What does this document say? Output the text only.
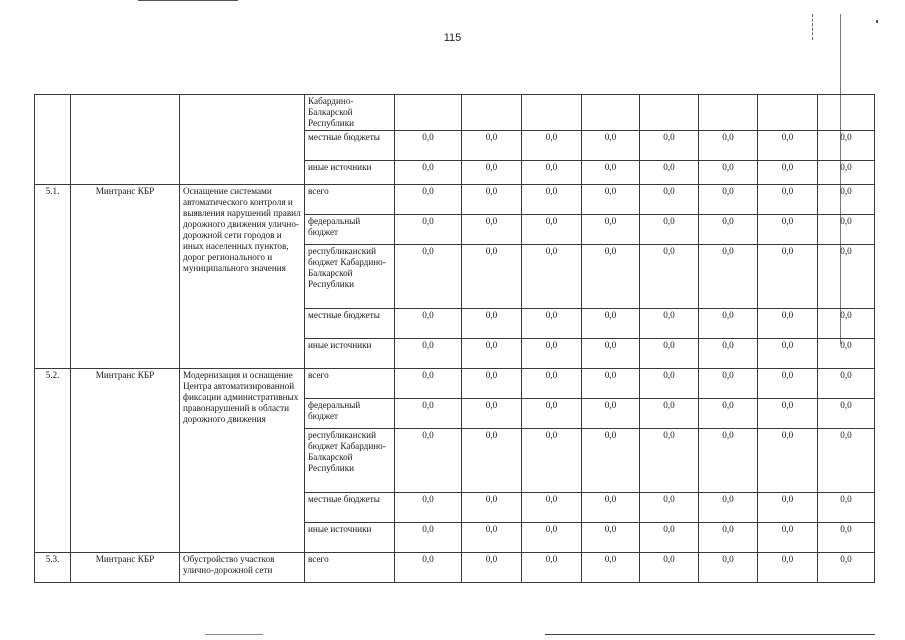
115
			Кабардино-Балкарской Республики								
			местные бюджеты	0,0	0,0	0,0	0,0	0,0	0,0	0,0	0,0
			иные источники	0,0	0,0	0,0	0,0	0,0	0,0	0,0	0,0
5.1.	Минтранс КБР	Оснащение системами автоматического контроля и выявления нарушений правил дорожного движения улично-дорожной сети городов и иных населенных пунктов, дорог регионального и муниципального значения	всего	0,0	0,0	0,0	0,0	0,0	0,0	0,0	0,0
			федеральный бюджет	0,0	0,0	0,0	0,0	0,0	0,0	0,0	0,0
			республиканский бюджет Кабардино-Балкарской Республики	0,0	0,0	0,0	0,0	0,0	0,0	0,0	0,0
			местные бюджеты	0,0	0,0	0,0	0,0	0,0	0,0	0,0	0,0
			иные источники	0,0	0,0	0,0	0,0	0,0	0,0	0,0	0,0
5.2.	Минтранс КБР	Модернизация и оснащение Центра автоматизированной фиксации административных правонарушений в области дорожного движения	всего	0,0	0,0	0,0	0,0	0,0	0,0	0,0	0,0
			федеральный бюджет	0,0	0,0	0,0	0,0	0,0	0,0	0,0	0,0
			республиканский бюджет Кабардино-Балкарской Республики	0,0	0,0	0,0	0,0	0,0	0,0	0,0	0,0
			местные бюджеты	0,0	0,0	0,0	0,0	0,0	0,0	0,0	0,0
			иные источники	0,0	0,0	0,0	0,0	0,0	0,0	0,0	0,0
5.3.	Минтранс КБР	Обустройство участков улично-дорожной сети	всего	0,0	0,0	0,0	0,0	0,0	0,0	0,0	0,0
